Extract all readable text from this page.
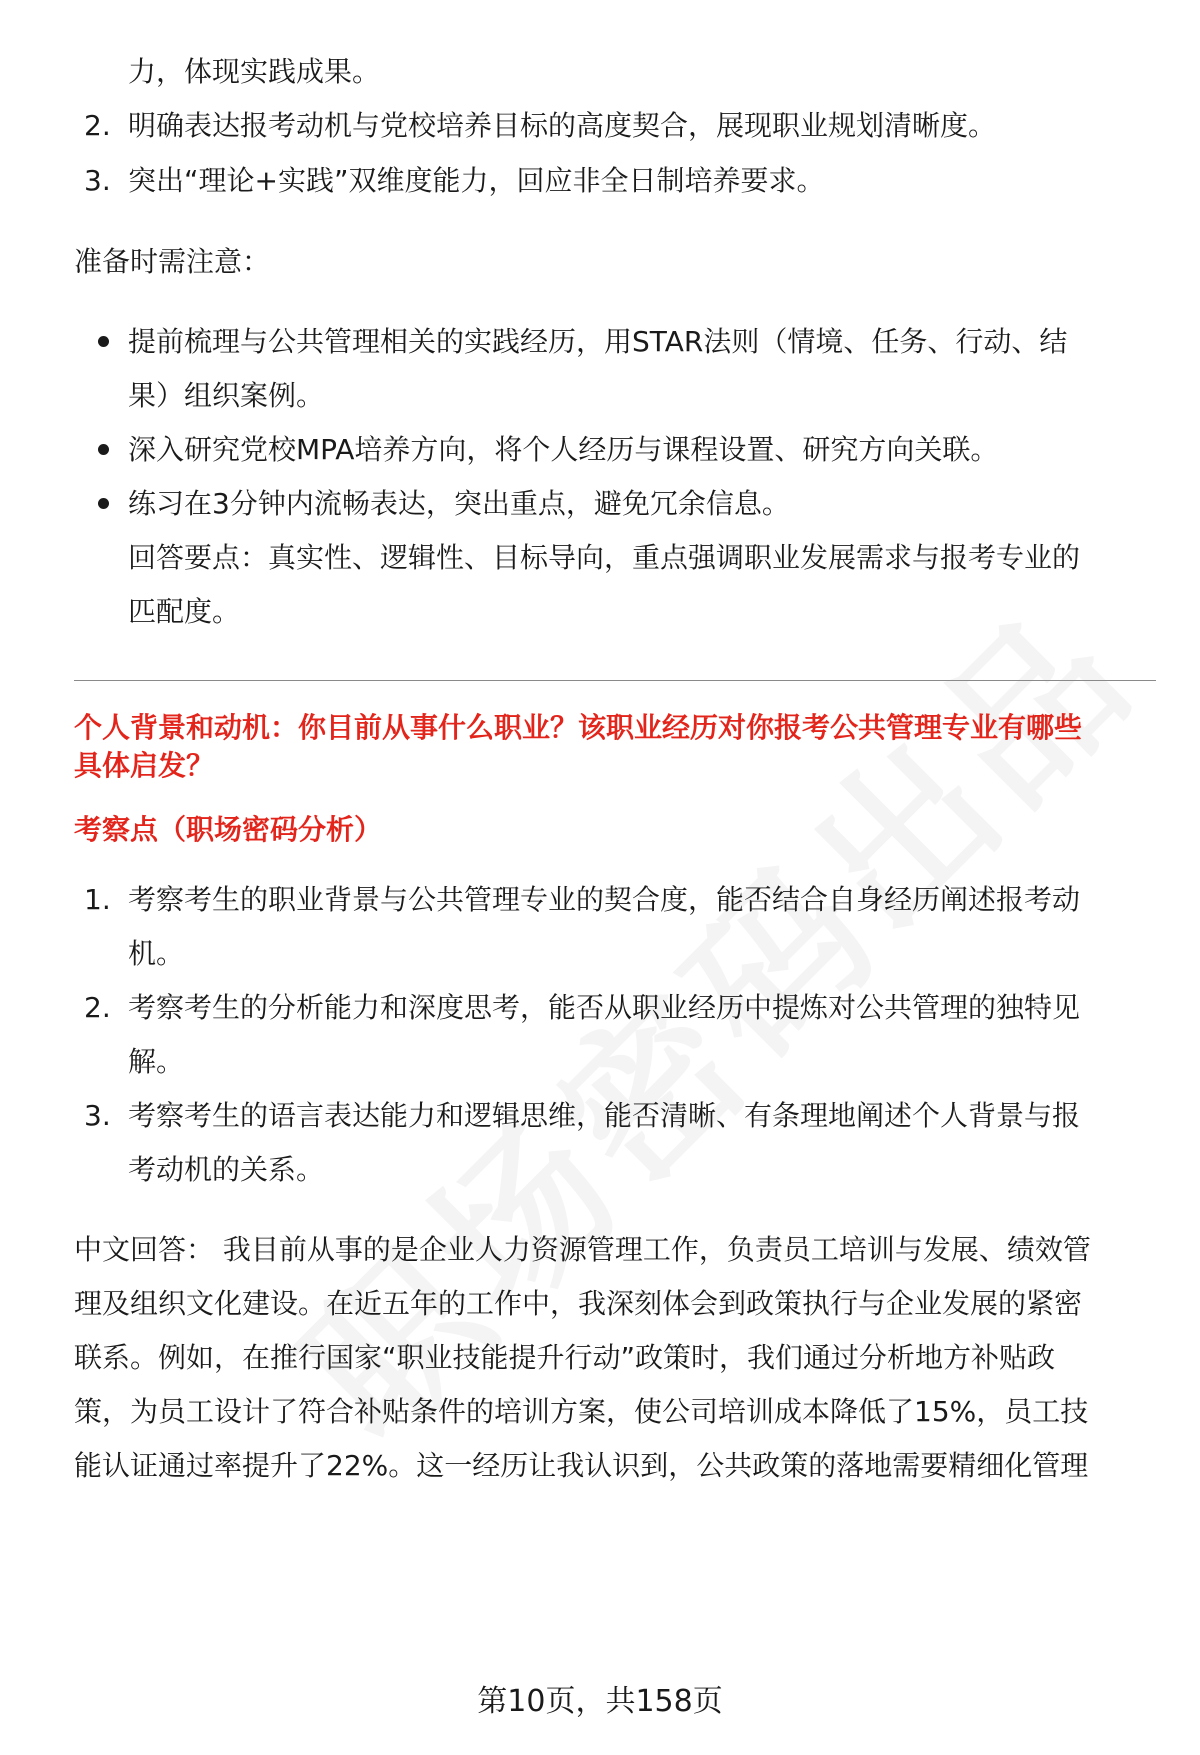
力，体现实践成果。
2. 明确表达报考动机与党校培养目标的高度契合，展现职业规划清晰度。
3. 突出“理论+实践”双维度能力，回应非全日制培养要求。
准备时需注意：
提前梳理与公共管理相关的实践经历，用STAR法则（情境、任务、行动、结
果）组织案例。
深入研究党校MPA培养方向，将个人经历与课程设置、研究方向关联。
练习在3分钟内流畅表达，突出重点，避免冗余信息。
回答要点：真实性、逻辑性、目标导向，重点强调职业发展需求与报考专业的
匹配度。
个人背景和动机：你目前从事什么职业？该职业经历对你报考公共管理专业有哪些
具体启发？
考察点（职场密码分析）
1. 考察考生的职业背景与公共管理专业的契合度，能否结合自身经历阐述报考动
机。
2. 考察考生的分析能力和深度思考，能否从职业经历中提炼对公共管理的独特见
解。
3. 考察考生的语言表达能力和逻辑思维，能否清晰、有条理地阐述个人背景与报
考动机的关系。
中文回答： 我目前从事的是企业人力资源管理工作，负责员工培训与发展、绩效管
理及组织文化建设。在近五年的工作中，我深刻体会到政策执行与企业发展的紧密
联系。例如，在推行国家“职业技能提升行动”政策时，我们通过分析地方补贴政
策，为员工设计了符合补贴条件的培训方案，使公司培训成本降低了15%，员工技
能认证通过率提升了22%。这一经历让我认识到，公共政策的落地需要精细化管理
第10页，共158页
